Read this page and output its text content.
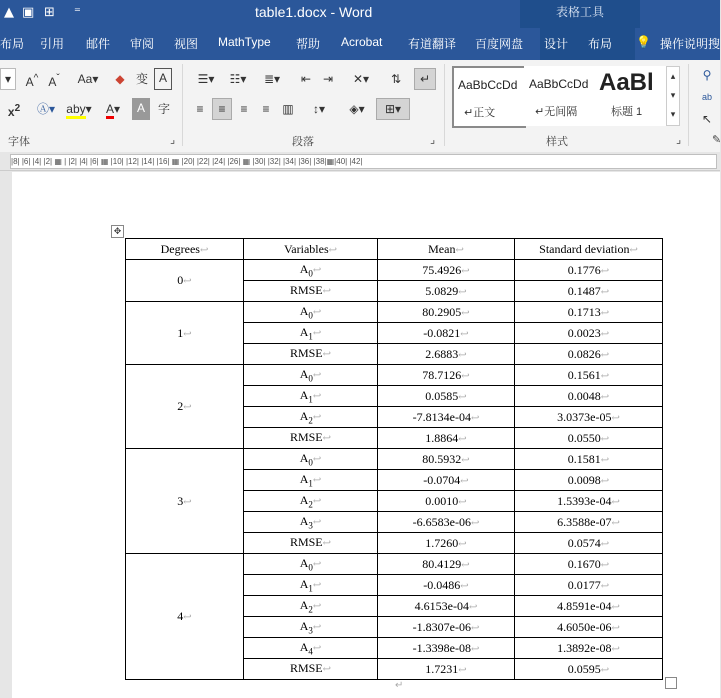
▲ ▣ ⊞ ⁼	table1.docx - Word	表格工具
布局 引用 邮件 审阅 视图 MathType 帮助 Acrobat 有道翻译 百度网盘 设计 布局 💡 操作说明搜
▾	A^ $A^ˇ$	Aa▾	◆ 变 A
$x^2$	Ⓐ▾ aby▾	A▾	A	字
字体	⌟
☰▾	☷▾	≣▾	⇤ ⇥	✕▾	⇅	↵
≡	≡	≡	≡	▥	↕▾	◈▾	⊞▾
段落	⌟
AaBbCcDd
↵正文
AaBbCcDd
↵无间隔
AaBl
标题 1
▴
▾
▾
样式	⌟
⚲
ab
↖
✎
|8| |6| |4| |2| ▦ | |2| |4| |6| ▦ |10| |12| |14| |16| ▦ |20| |22| |24| |26| ▦ |30| |32| |34| |36| |38|▦|40| |42|
✥
Degrees↩	Variables↩	Mean↩	Standard deviation↩
0↩	$A_0↩$	75.4926↩	0.1776↩
	RMSE↩	5.0829↩	0.1487↩
1↩	$A_0↩$	80.2905↩	0.1713↩
	$A_1↩$	-0.0821↩	0.0023↩
	RMSE↩	2.6883↩	0.0826↩
2↩	$A_0↩$	78.7126↩	0.1561↩
	$A_1↩$	0.0585↩	0.0048↩
	$A_2↩$	-7.8134e-04↩	3.0373e-05↩
	RMSE↩	1.8864↩	0.0550↩
3↩	$A_0↩$	80.5932↩	0.1581↩
	$A_1↩$	-0.0704↩	0.0098↩
	$A_2↩$	0.0010↩	1.5393e-04↩
	$A_3↩$	-6.6583e-06↩	6.3588e-07↩
	RMSE↩	1.7260↩	0.0574↩
4↩	$A_0↩$	80.4129↩	0.1670↩
	$A_1↩$	-0.0486↩	0.0177↩
	$A_2↩$	4.6153e-04↩	4.8591e-04↩
	$A_3↩$	-1.8307e-06↩	4.6050e-06↩
	$A_4↩$	-1.3398e-08↩	1.3892e-08↩
	RMSE↩	1.7231↩	0.0595↩
↵
